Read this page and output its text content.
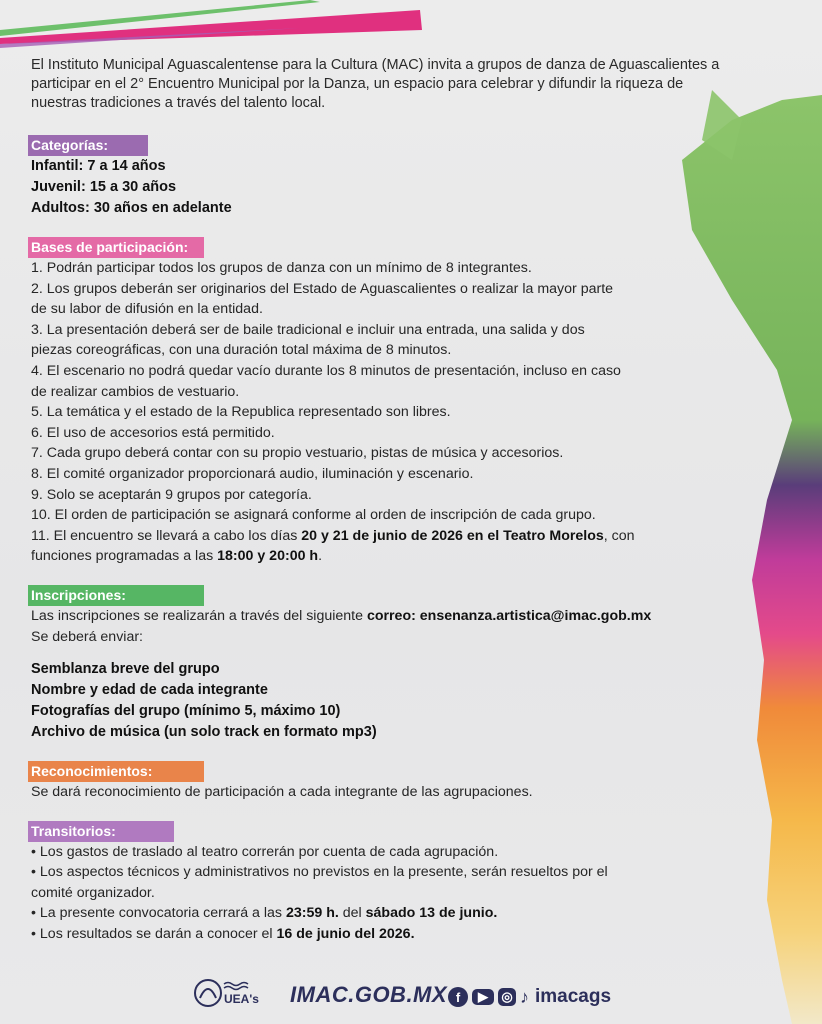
El Instituto Municipal Aguascalentense para la Cultura (MAC) invita a grupos de danza de Aguascalientes a participar en el 2° Encuentro Municipal por la Danza, un espacio para celebrar y difundir la riqueza de nuestras tradiciones a través del talento local.

Categorías:

Infantil: 7 a 14 años

Juvenil: 15 a 30 años

Adultos: 30 años en adelante

Bases de participación:

1. Podrán participar todos los grupos de danza con un mínimo de 8 integrantes.

2. Los grupos deberán ser originarios del Estado de Aguascalientes o realizar la mayor parte

de su labor de difusión en la entidad.

3. La presentación deberá ser de baile tradicional e incluir una entrada, una salida y dos

piezas coreográficas, con una duración total máxima de 8 minutos.

4. El escenario no podrá quedar vacío durante los 8 minutos de presentación, incluso en caso

de realizar cambios de vestuario.

5. La temática y el estado de la Republica representado son libres.

6. El uso de accesorios está permitido.

7. Cada grupo deberá contar con su propio vestuario, pistas de música y accesorios.

8. El comité organizador proporcionará audio, iluminación y escenario.

9. Solo se aceptarán 9 grupos por categoría.

10. El orden de participación se asignará conforme al orden de inscripción de cada grupo.

11. El encuentro se llevará a cabo los días 20 y 21 de junio de 2026 en el Teatro Morelos, con

funciones programadas a las 18:00 y 20:00 h.

Inscripciones:

Las inscripciones se realizarán a través del siguiente correo: ensenanza.artistica@imac.gob.mx

Se deberá enviar:

Semblanza breve del grupo

Nombre y edad de cada integrante

Fotografías del grupo (mínimo 5, máximo 10)

Archivo de música (un solo track en formato mp3)

Reconocimientos:

Se dará reconocimiento de participación a cada integrante de las agrupaciones.

Transitorios:

• Los gastos de traslado al teatro correrán por cuenta de cada agrupación.

• Los aspectos técnicos y administrativos no previstos en la presente, serán resueltos por el

comité organizador.

• La presente convocatoria cerrará a las 23:59 h. del sábado 13 de junio.

• Los resultados se darán a conocer el 16 de junio del 2026.

UEA's IMAC.GOB.MX f	▶	◎ ♪ imacags
